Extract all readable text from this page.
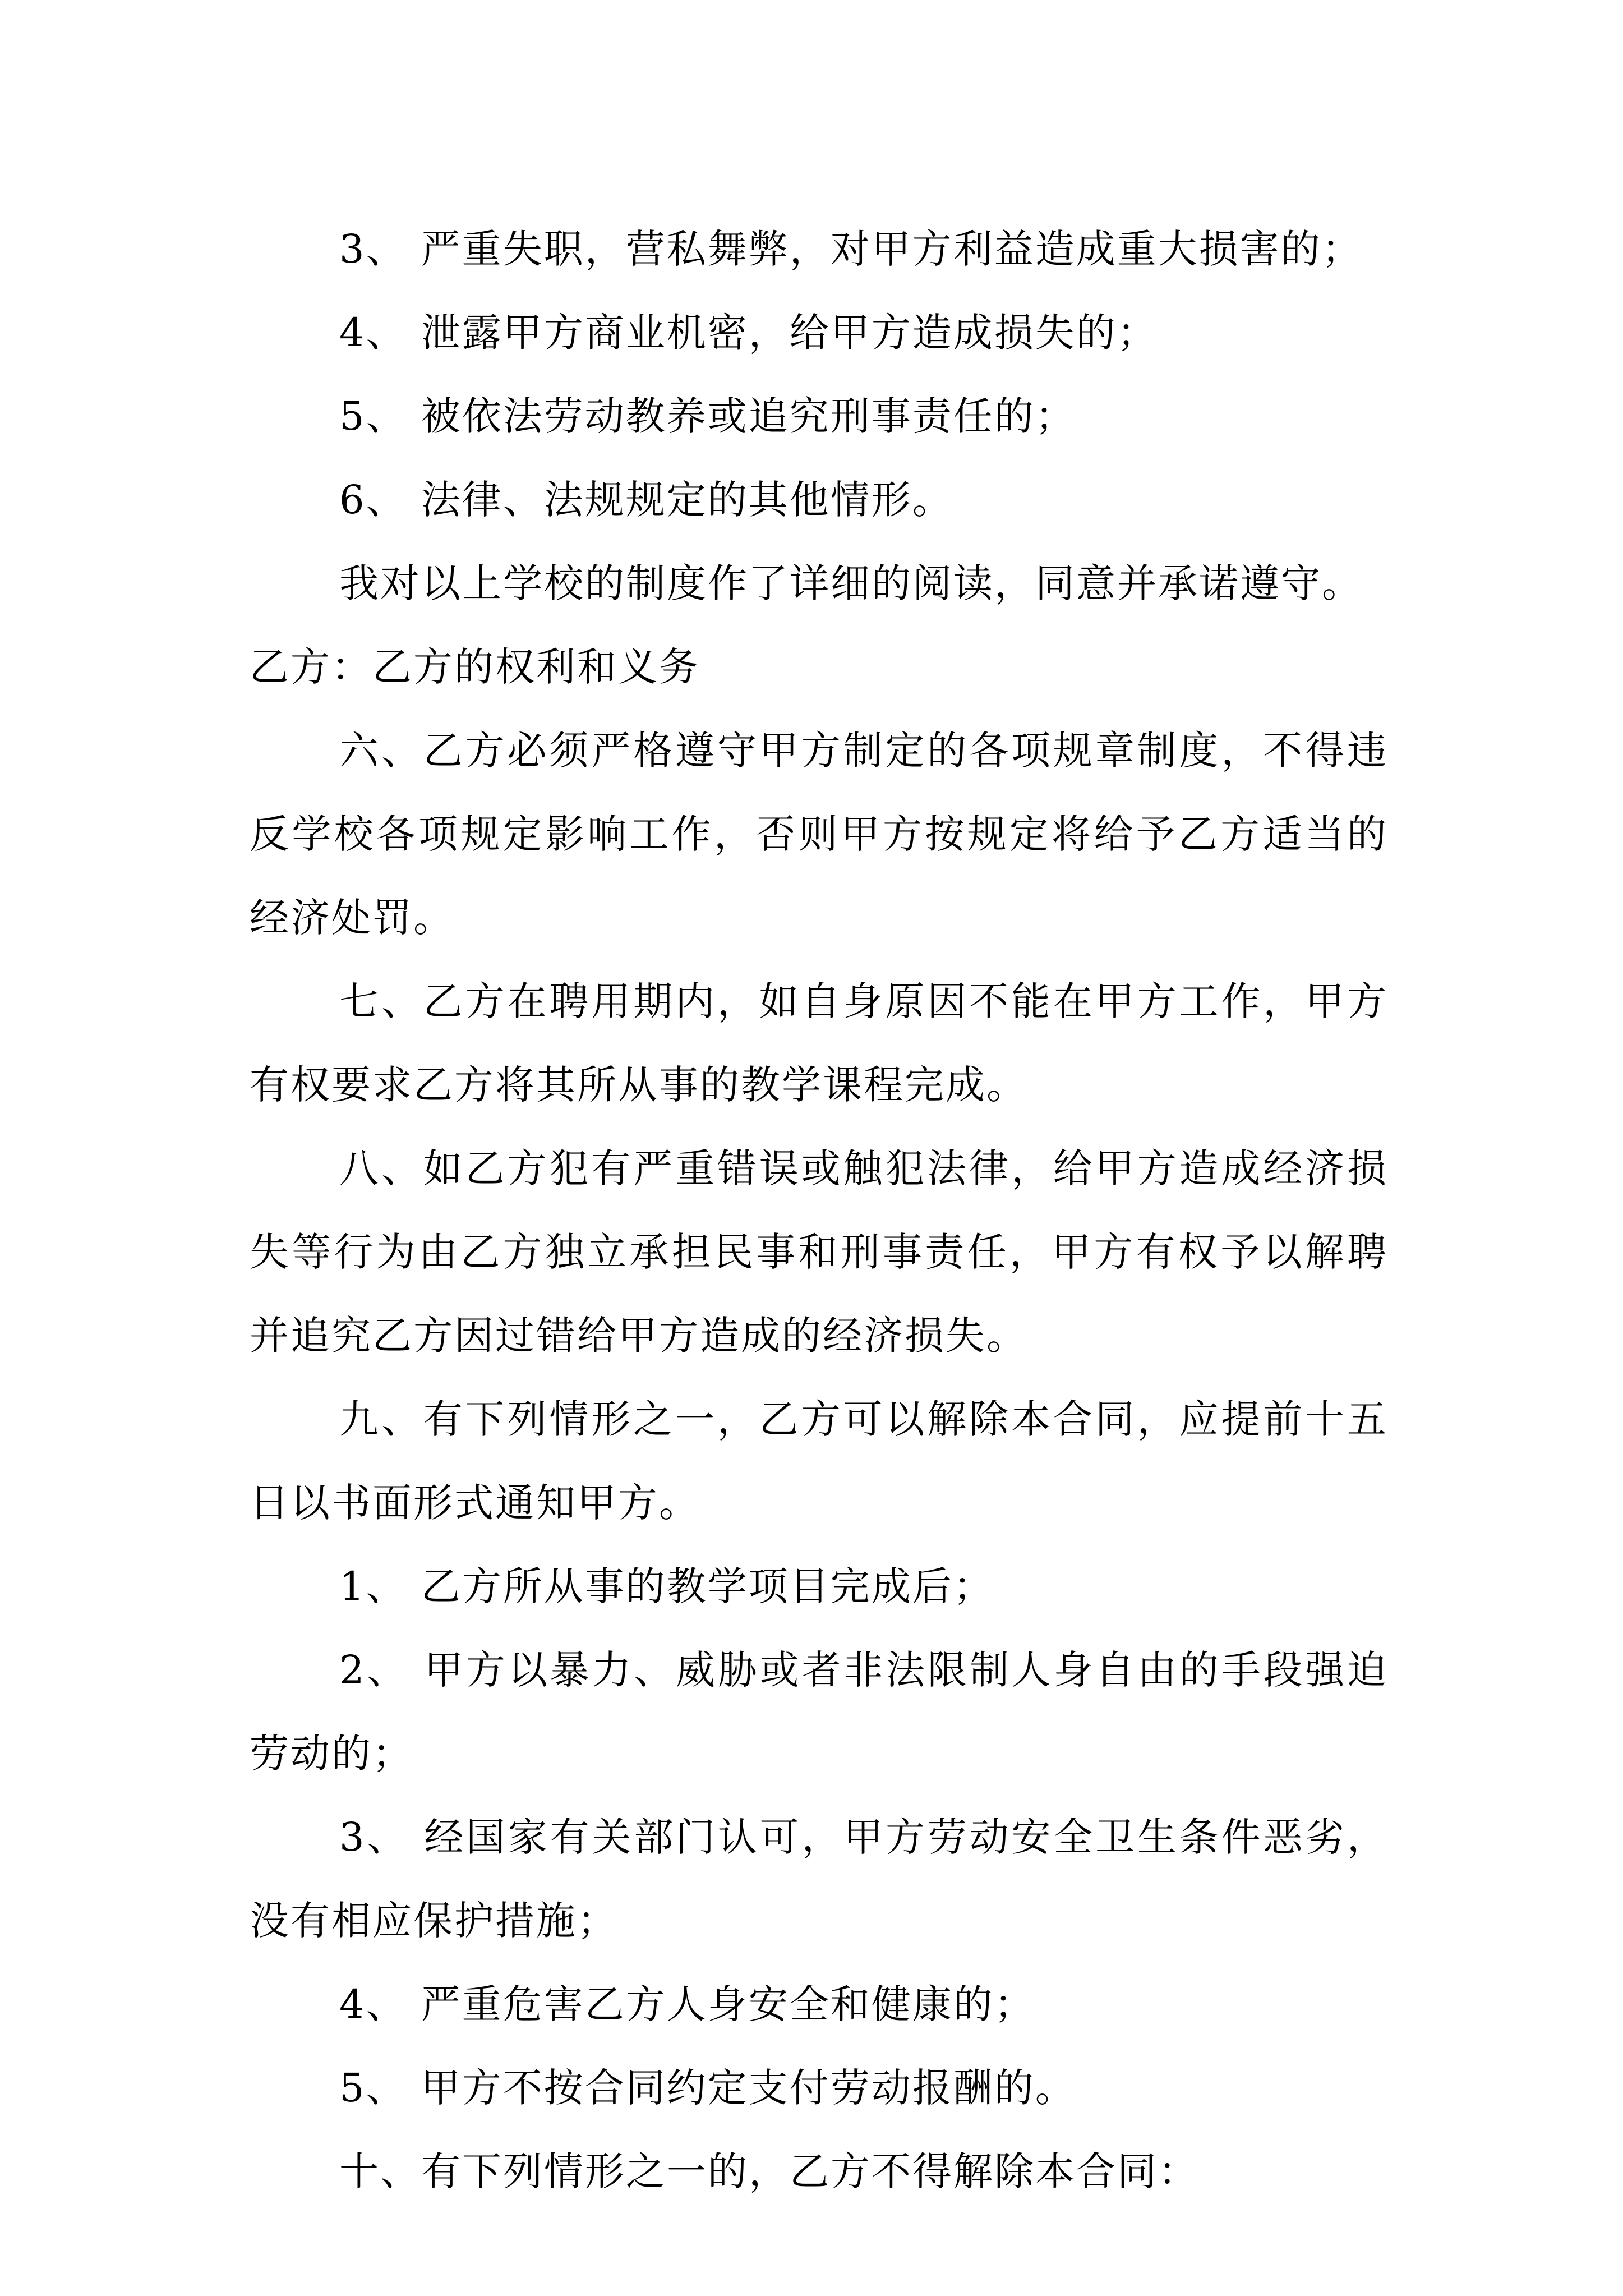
3、 严重失职，营私舞弊，对甲方利益造成重大损害的；

4、 泄露甲方商业机密，给甲方造成损失的；

5、 被依法劳动教养或追究刑事责任的；

6、 法律、法规规定的其他情形。

我对以上学校的制度作了详细的阅读，同意并承诺遵守。

乙方：乙方的权利和义务

六、乙方必须严格遵守甲方制定的各项规章制度，不得违反学校各项规定影响工作，否则甲方按规定将给予乙方适当的经济处罚。

七、乙方在聘用期内，如自身原因不能在甲方工作，甲方有权要求乙方将其所从事的教学课程完成。

八、如乙方犯有严重错误或触犯法律，给甲方造成经济损失等行为由乙方独立承担民事和刑事责任，甲方有权予以解聘并追究乙方因过错给甲方造成的经济损失。

九、有下列情形之一，乙方可以解除本合同，应提前十五日以书面形式通知甲方。

1、 乙方所从事的教学项目完成后；

2、 甲方以暴力、威胁或者非法限制人身自由的手段强迫劳动的；

3、 经国家有关部门认可，甲方劳动安全卫生条件恶劣，没有相应保护措施；

4、 严重危害乙方人身安全和健康的；

5、 甲方不按合同约定支付劳动报酬的。

十、有下列情形之一的，乙方不得解除本合同：
